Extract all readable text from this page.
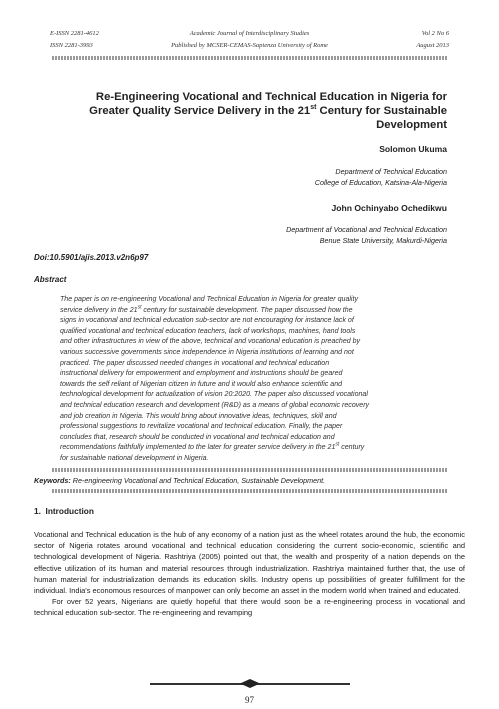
E-ISSN 2281-4612
ISSN 2281-3993
Academic Journal of Interdisciplinary Studies
Published by MCSER-CEMAS-Sapienza University of Rome
Vol 2 No 6
August 2013
Re-Engineering Vocational and Technical Education in Nigeria for
Greater Quality Service Delivery in the 21st Century for Sustainable
Development
Solomon Ukuma
Department of Technical Education
College of Education, Katsina-Ala-Nigeria
John Ochinyabo Ochedikwu
Department af Vocational and Technical Education
Benue State University, Makurdi-Nigeria
Doi:10.5901/ajis.2013.v2n6p97
Abstract
The paper is on re-engineering Vocational and Technical Education in Nigeria for greater quality
service delivery in the 21st century for sustainable development. The paper discussed how the
signs in vocational and technical education sub-sector are not encouraging for instance lack of
qualified vocational and technical education teachers, lack of workshops, machines, hand tools
and other infrastructures in view of the above, technical and vocational education is preached by
various successive governments since independence in Nigeria institutions of learning and not
practiced. The paper discussed needed changes in vocational and technical education
instructional delivery for empowerment and employment and instructions should be geared
towards the self reliant of Nigerian citizen in future and it would also enhance scientific and
technological development for actualization of vision 20:2020. The paper also discussed vocational
and technical education research and development (R&D) as a means of global economic recovery
and job creation in Nigeria. This would bring about innovative ideas, techniques, skill and
professional suggestions to revitalize vocational and technical education. Finally, the paper
concludes that, research should be conducted in vocational and technical education and
recommendations faithfully implemented to the later for greater service delivery in the 21st century
for sustainable national development in Nigeria.
Keywords: Re-engineering Vocational and Technical Education, Sustainable Development.
1. Introduction

Vocational and Technical education is the hub of any economy of a nation just as the wheel rotates around the hub, the economic sector of Nigeria rotates around vocational and technical education considering the current socio-economic, scientific and technological development of Nigeria. Rashtriya (2005) pointed out that, the wealth and prosperity of a nation depends on the effective utilization of its human and material resources through industrialization. Rashtriya maintained further that, the use of human material for industrialization demands its education skills. Industry opens up possibilities of greater fulfillment for the individual. India's economous resources of manpower can only become an asset in the modern world when trained and educated.

For over 52 years, Nigerians are quietly hopeful that there would soon be a re-engineering process in vocational and technical education sub-sector. The re-engineering and revamping

97
